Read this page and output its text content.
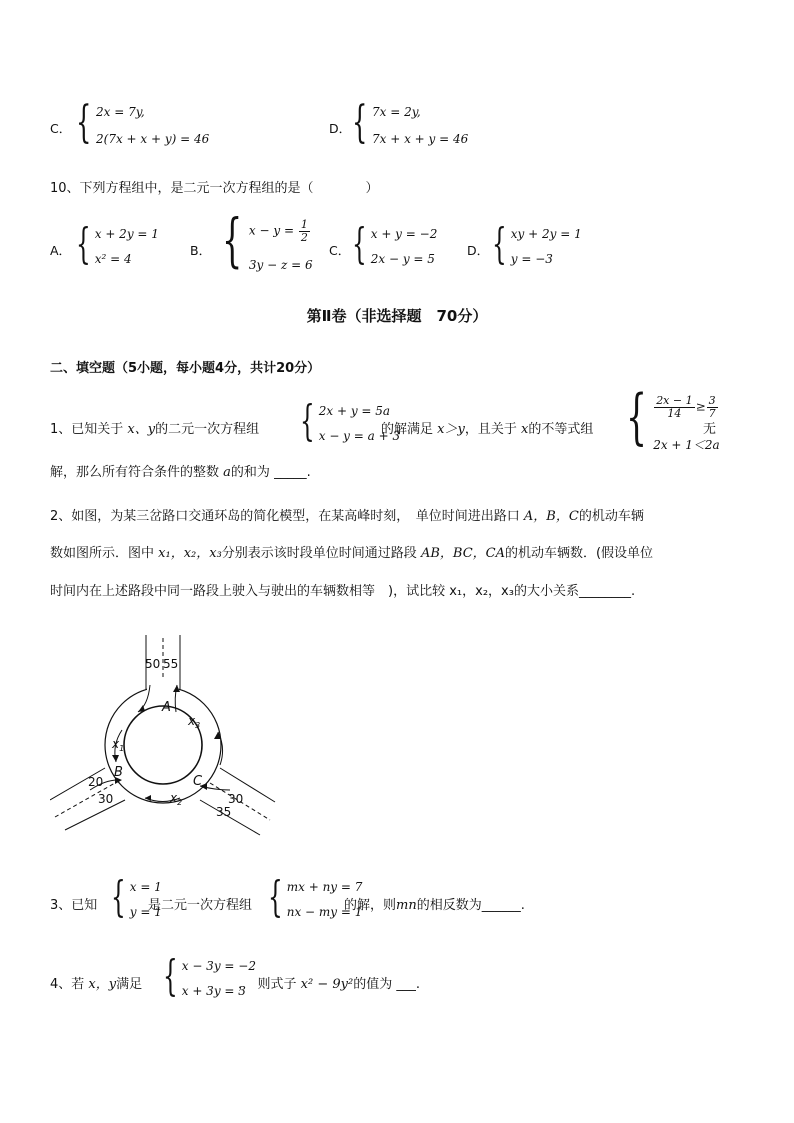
C． { 2x = 7y,
2(7x + x + y) = 46
D． { 7x = 2y,
7x + x + y = 46
10、下列方程组中，是二元一次方程组的是（　　　　）
A． { x + 2y = 1
x² = 4
B． { $x - y = \frac{1}{2}$
3y − z = 6
C． { x + y = −2
2x − y = 5
D． { xy + 2y = 1
y = −3
第Ⅱ卷（非选择题　70分）
二、填空题（5小题，每小题4分，共计20分）
1、已知关于 x、y的二元一次方程组 { 2x + y = 5a
x − y = a + 3
的解满足 x＞y，且关于 x的不等式组 { $\frac{2x - 1}{14} \ge \frac{3}{7}$
2x + 1＜2a
无
解，那么所有符合条件的整数 a的和为 _____.
2、如图，为某三岔路口交通环岛的简化模型，在某高峰时刻，　单位时间进出路口 A，B，C的机动车辆
数如图所示．图中 x₁，x₂，x₃分别表示该时段单位时间通过路段 AB，BC，CA的机动车辆数．(假设单位
时间内在上述路段中同一路段上驶入与驶出的车辆数相等　)，试比较 x₁，x₂，x₃的大小关系________.
50 55
20
30	30
35
A
B
C
$x_3$
$x_1$
$x_2$
3、已知 { x = 1
y = 1
是二元一次方程组 { mx + ny = 7
nx − my = 1
的解，则mn的相反数为______.
4、若 x，y满足 { x − 3y = −2
x + 3y = 3
，　则式子 x² − 9y²的值为 ___.
